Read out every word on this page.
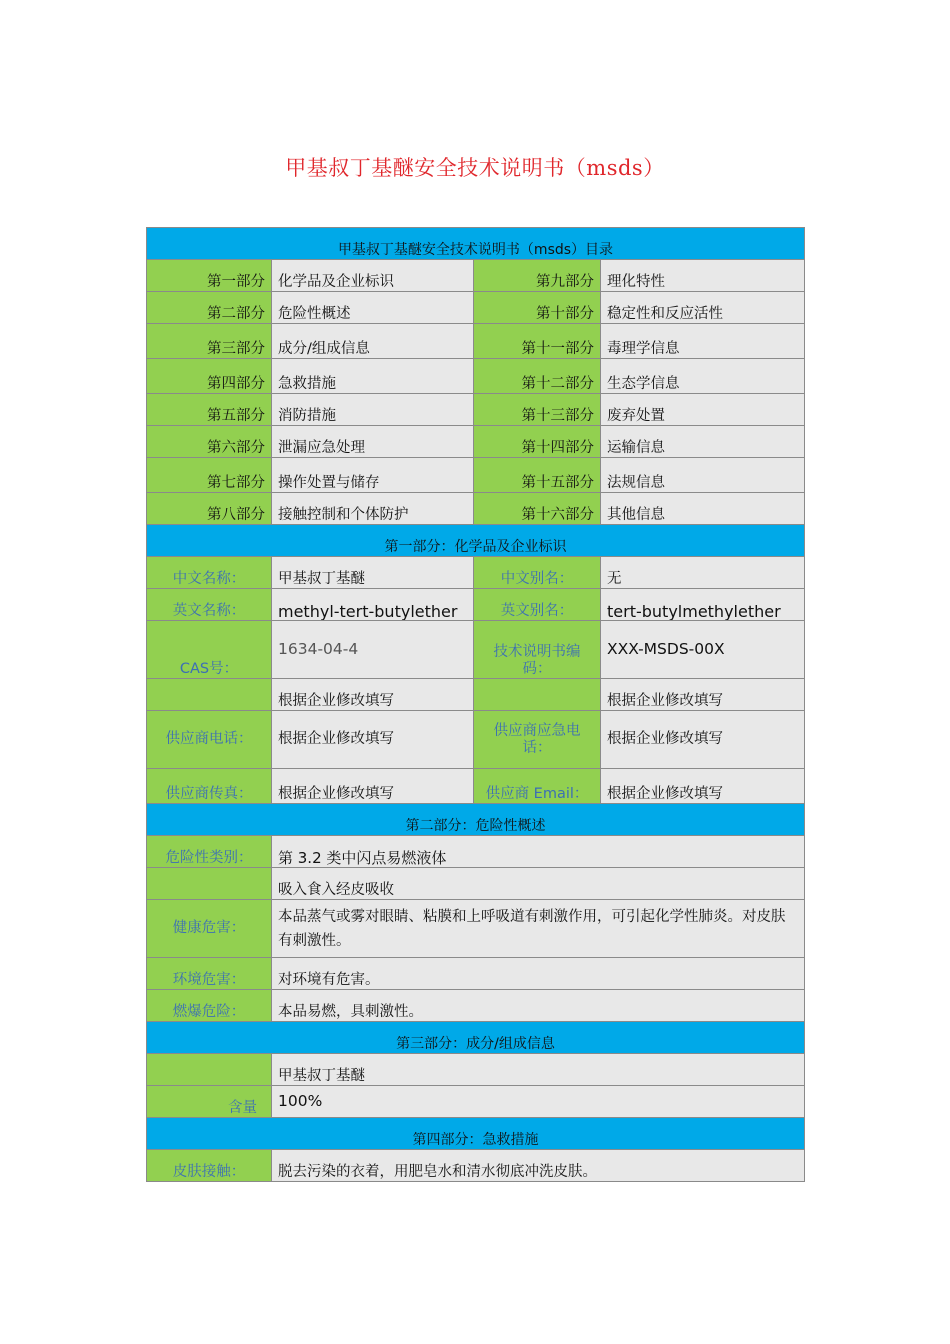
甲基叔丁基醚安全技术说明书（msds）
甲基叔丁基醚安全技术说明书（msds）目录			
第一部分	化学品及企业标识	第九部分	理化特性
第二部分	危险性概述	第十部分	稳定性和反应活性
第三部分	成分/组成信息	第十一部分	毒理学信息
第四部分	急救措施	第十二部分	生态学信息
第五部分	消防措施	第十三部分	废弃处置
第六部分	泄漏应急处理	第十四部分	运输信息
第七部分	操作处置与储存	第十五部分	法规信息
第八部分	接触控制和个体防护	第十六部分	其他信息
第一部分：化学品及企业标识			
中文名称：	甲基叔丁基醚	中文别名：	无
英文名称：	methyl-tert-butylether	英文别名：	tert-butylmethylether
CAS号：	1634-04-4	技术说明书编码：	XXX-MSDS-00X
	根据企业修改填写		根据企业修改填写
供应商电话：	根据企业修改填写	供应商应急电话：	根据企业修改填写
供应商传真：	根据企业修改填写	供应商 Email：	根据企业修改填写
第二部分：危险性概述			
危险性类别：	第 3.2 类中闪点易燃液体		
	吸入食入经皮吸收		
健康危害：	本品蒸气或雾对眼睛、粘膜和上呼吸道有刺激作用，可引起化学性肺炎。对皮肤有刺激性。		
环境危害：	对环境有危害。		
燃爆危险：	本品易燃，具刺激性。		
第三部分：成分/组成信息			
	甲基叔丁基醚		
含量	100%		
第四部分：急救措施			
皮肤接触：	脱去污染的衣着，用肥皂水和清水彻底冲洗皮肤。		
